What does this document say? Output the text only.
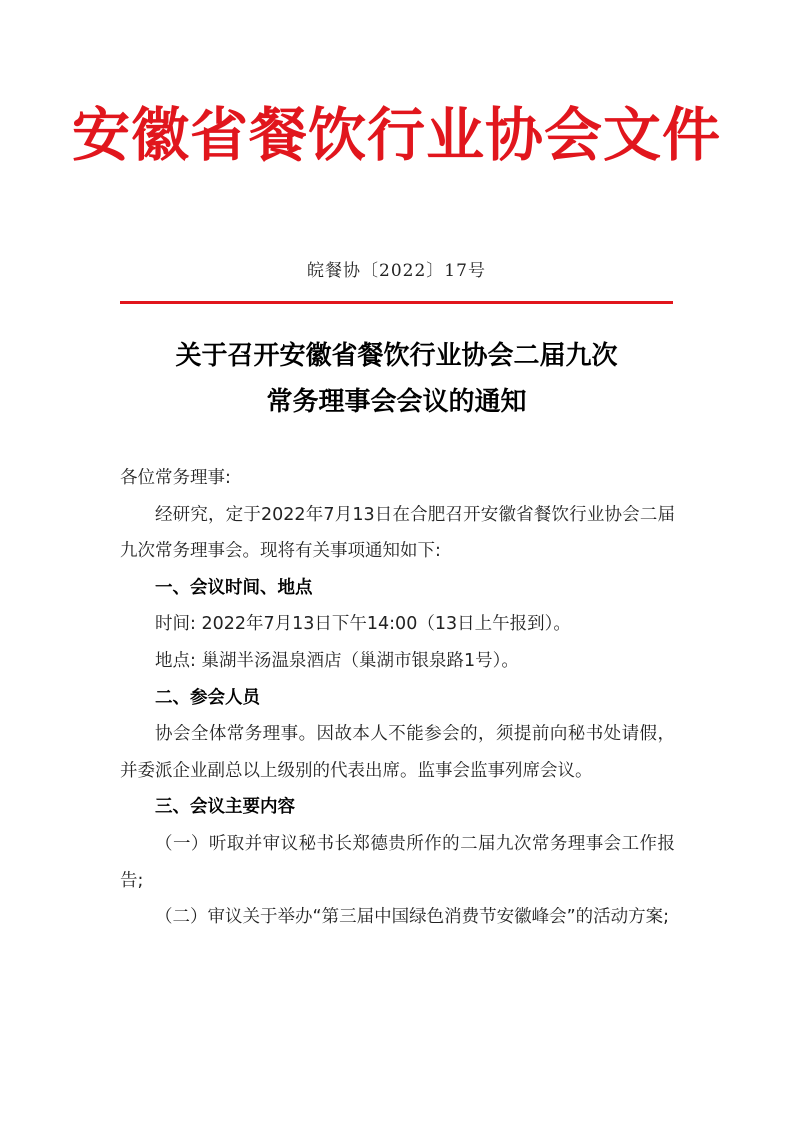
安徽省餐饮行业协会文件
皖餐协〔2022〕17号
关于召开安徽省餐饮行业协会二届九次
常务理事会会议的通知

各位常务理事:

经研究，定于2022年7月13日在合肥召开安徽省餐饮行业协会二届九次常务理事会。现将有关事项通知如下:

一、会议时间、地点

时间: 2022年7月13日下午14:00（13日上午报到）。

地点: 巢湖半汤温泉酒店（巢湖市银泉路1号）。

二、参会人员

协会全体常务理事。因故本人不能参会的，须提前向秘书处请假，并委派企业副总以上级别的代表出席。监事会监事列席会议。

三、会议主要内容

（一）听取并审议秘书长郑德贵所作的二届九次常务理事会工作报告;

（二）审议关于举办“第三届中国绿色消费节安徽峰会”的活动方案;
